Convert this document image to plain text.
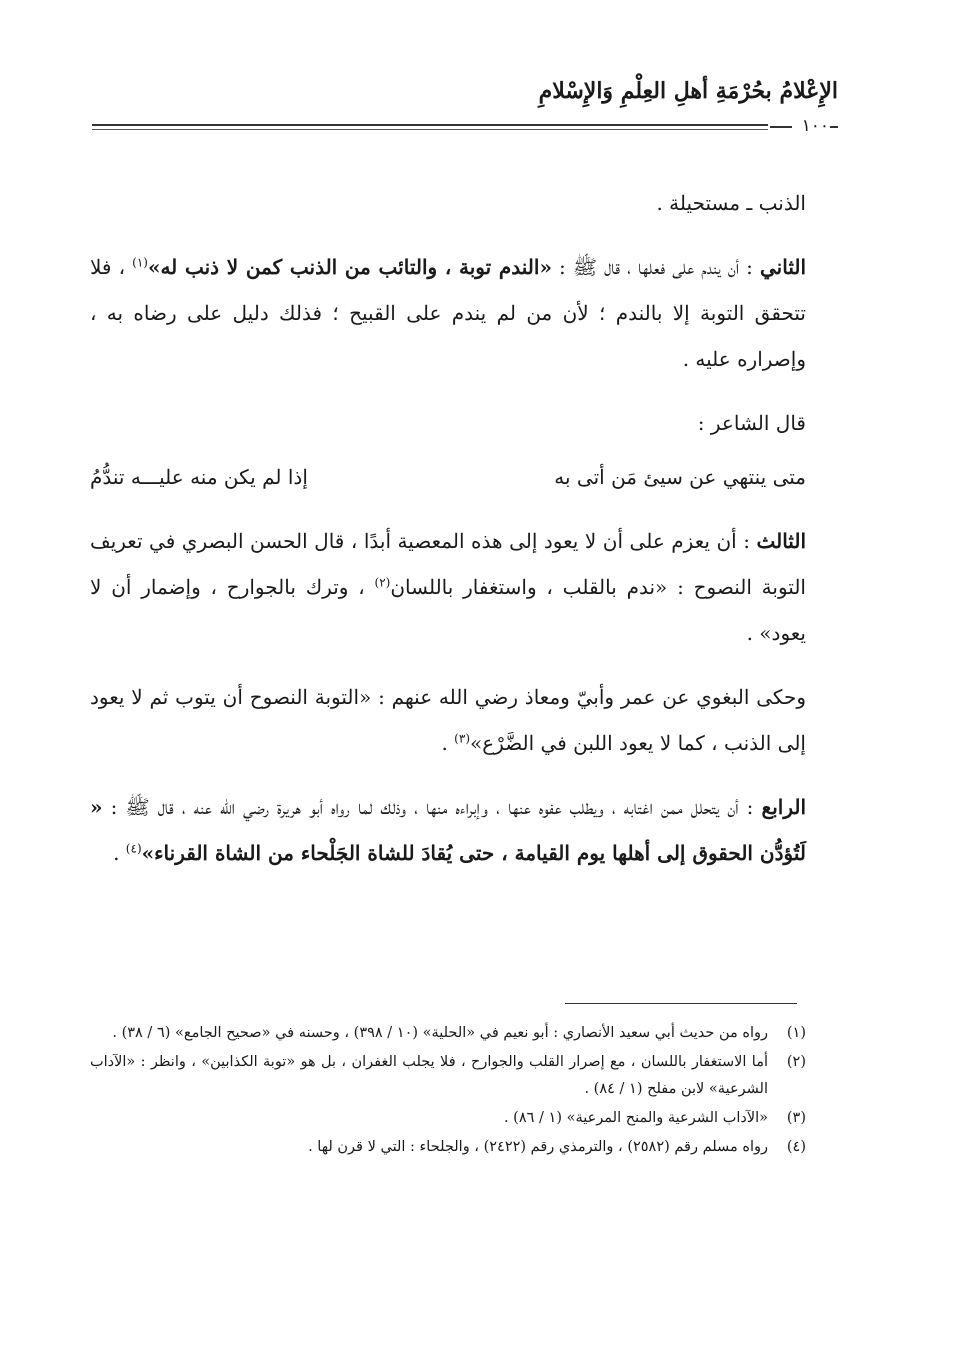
الإِعْلامُ بحُرْمَةِ أهلِ العِلْمِ وَالإِسْلامِ
١٠٠

الذنب ـ مستحيلة .

الثاني : أن يندم على فعلها ، قال ﷺ : «الندم توبة ، والتائب من الذنب كمن لا ذنب له»$^{(١)}$ ، فلا تتحقق التوبة إلا بالندم ؛ لأن من لم يندم على القبيح ؛ فذلك دليل على رضاه به ، وإصراره عليه .

قال الشاعر :

متى ينتهي عن سيئ مَن أتى به
إذا لم يكن منه عليـــه تندُّمُ

الثالث : أن يعزم على أن لا يعود إلى هذه المعصية أبدًا ، قال الحسن البصري في تعريف التوبة النصوح : «ندم بالقلب ، واستغفار باللسان$^{(٢)}$ ، وترك بالجوارح ، وإضمار أن لا يعود» .

وحكى البغوي عن عمر وأبيّ ومعاذ رضي الله عنهم : «التوبة النصوح أن يتوب ثم لا يعود إلى الذنب ، كما لا يعود اللبن في الضَّرْع»$^{(٣)}$ .

الرابع : أن يتحلل ممن اغتابه ، ويطلب عفوه عنها ، وإبراءه منها ، وذلك لما رواه أبو هريرة رضي الله عنه ، قال ﷺ : « لَتُؤدُّن الحقوق إلى أهلها يوم القيامة ، حتى يُقادَ للشاة الجَلْحاء من الشاة القرناء»$^{(٤)}$ .

(١)
رواه من حديث أبي سعيد الأنصاري : أبو نعيم في «الحلية» (١٠ / ٣٩٨) ، وحسنه في «صحيح الجامع» (٦ / ٣٨) .
(٢)
أما الاستغفار باللسان ، مع إصرار القلب والجوارح ، فلا يجلب الغفران ، بل هو «توبة الكذابين» ، وانظر : «الآداب الشرعية» لابن مفلح (١ / ٨٤) .
(٣)
«الآداب الشرعية والمنح المرعية» (١ / ٨٦) .
(٤)
رواه مسلم رقم (٢٥٨٢) ، والترمذي رقم (٢٤٢٢) ، والجلحاء : التي لا قرن لها .
